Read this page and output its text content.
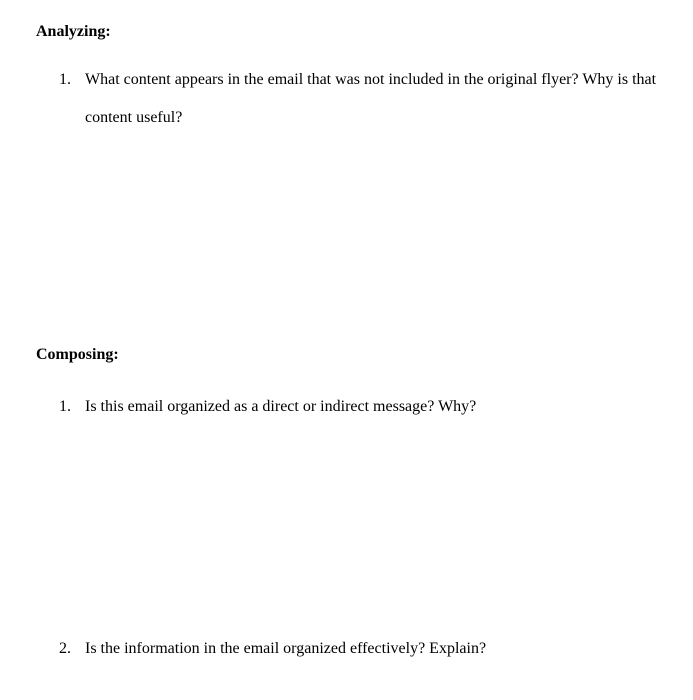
Analyzing:
1. What content appears in the email that was not included in the original flyer? Why is that
content useful?
Composing:
1. Is this email organized as a direct or indirect message? Why?
2. Is the information in the email organized effectively? Explain?
